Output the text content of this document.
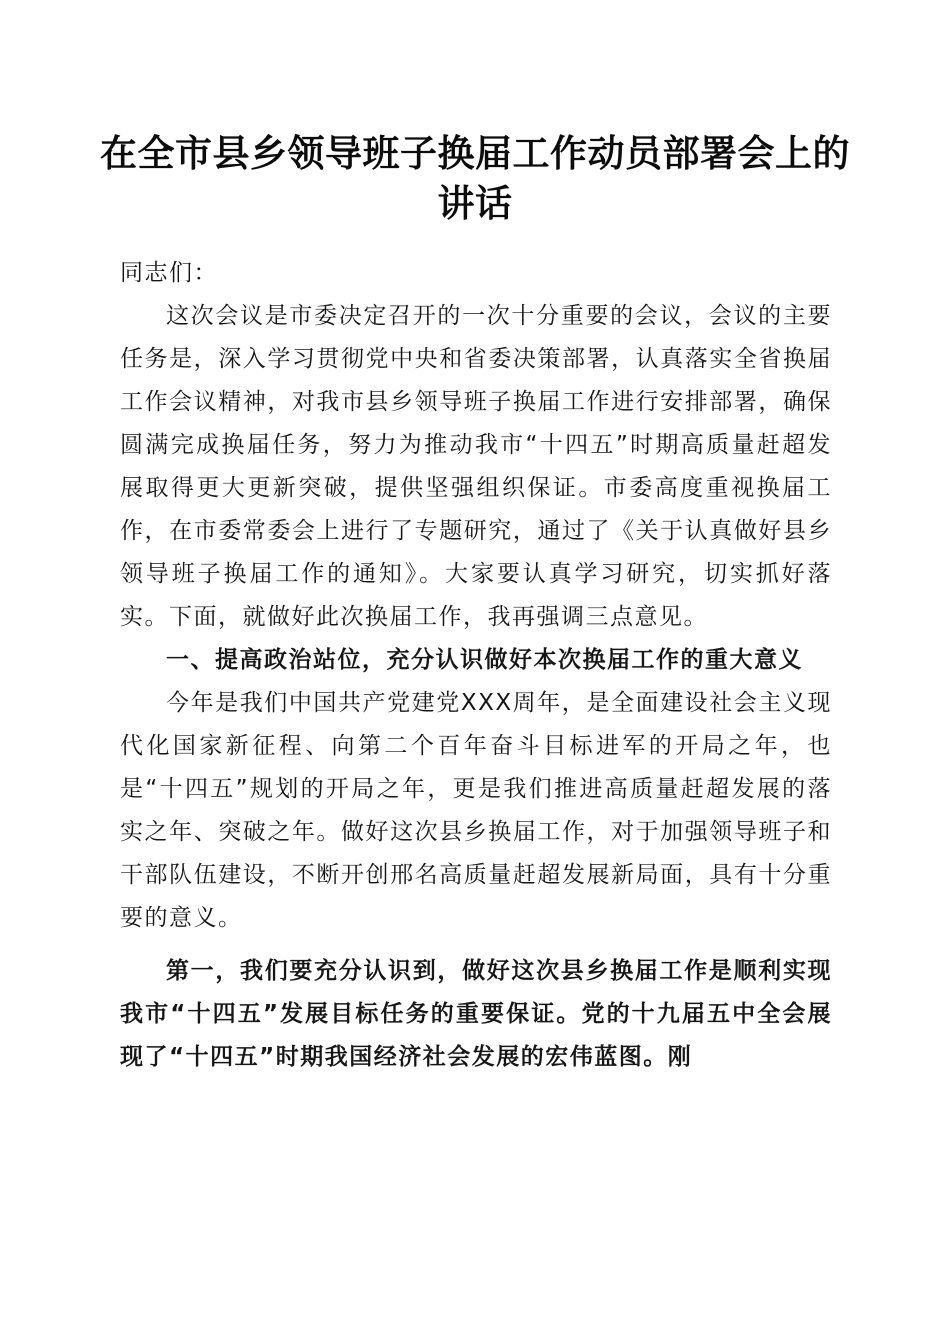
在全市县乡领导班子换届工作动员部署会上的讲话

同志们：

这次会议是市委决定召开的一次十分重要的会议，会议的主要任务是，深入学习贯彻党中央和省委决策部署，认真落实全省换届工作会议精神，对我市县乡领导班子换届工作进行安排部署，确保圆满完成换届任务，努力为推动我市“十四五”时期高质量赶超发展取得更大更新突破，提供坚强组织保证。市委高度重视换届工作，在市委常委会上进行了专题研究，通过了《关于认真做好县乡领导班子换届工作的通知》。大家要认真学习研究，切实抓好落实。下面，就做好此次换届工作，我再强调三点意见。

一、提高政治站位，充分认识做好本次换届工作的重大意义

今年是我们中国共产党建党XXX周年，是全面建设社会主义现代化国家新征程、向第二个百年奋斗目标进军的开局之年，也是“十四五”规划的开局之年，更是我们推进高质量赶超发展的落实之年、突破之年。做好这次县乡换届工作，对于加强领导班子和干部队伍建设，不断开创邢名高质量赶超发展新局面，具有十分重要的意义。

第一，我们要充分认识到，做好这次县乡换届工作是顺利实现我市“十四五”发展目标任务的重要保证。党的十九届五中全会展现了“十四五”时期我国经济社会发展的宏伟蓝图。刚
